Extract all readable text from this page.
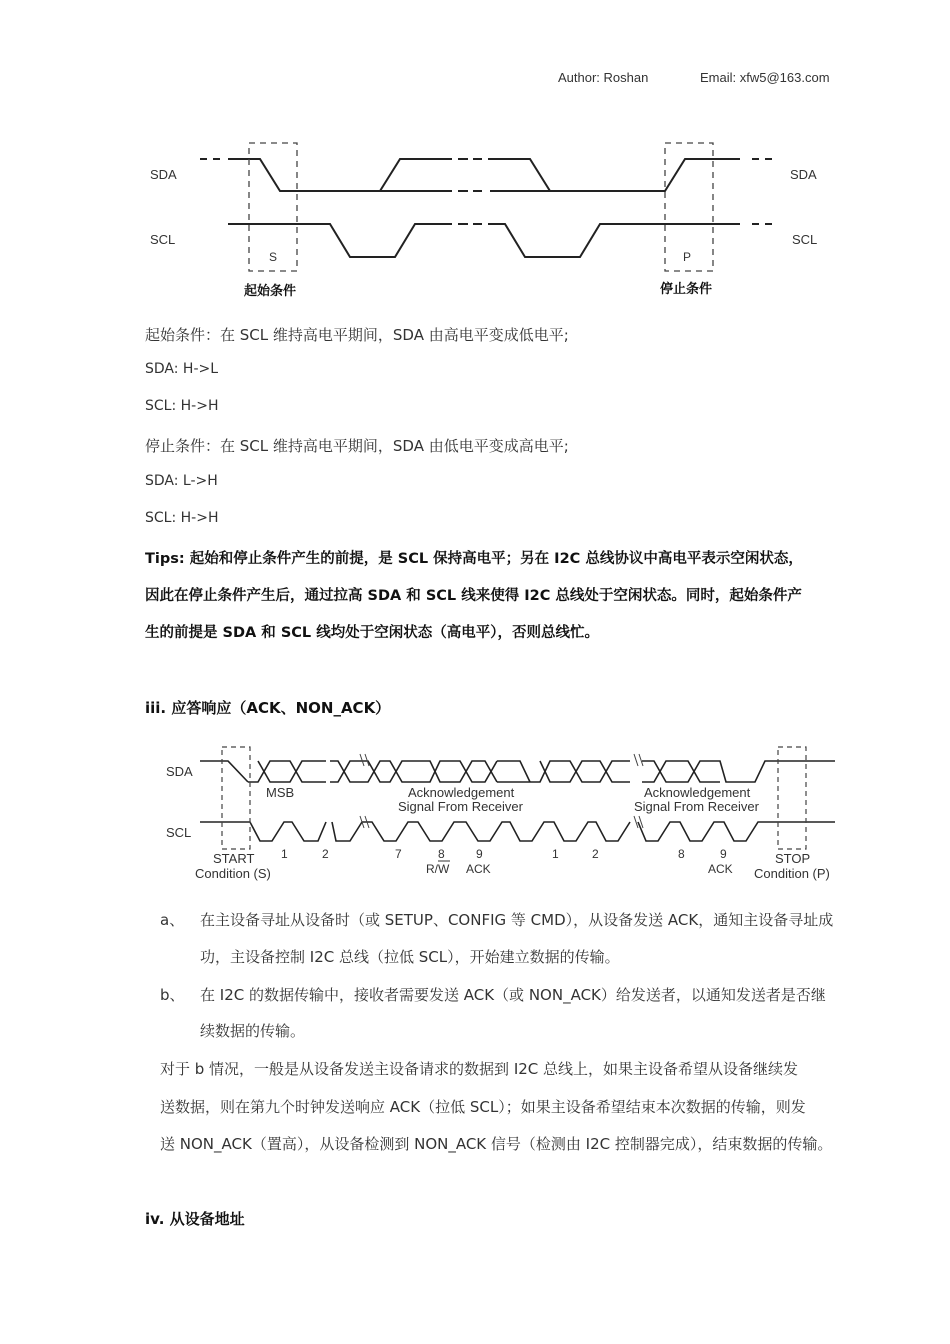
Author: Roshan	Email: xfw5@163.com
SDA	SDA
SCL	SCL
S	P
起始条件	停止条件
起始条件：在 SCL 维持高电平期间，SDA 由高电平变成低电平;
SDA: H->L
SCL: H->H
停止条件：在 SCL 维持高电平期间，SDA 由低电平变成高电平;
SDA: L->H
SCL: H->H
Tips: 起始和停止条件产生的前提，是 SCL 保持高电平；另在 I2C 总线协议中高电平表示空闲状态，
因此在停止条件产生后，通过拉高 SDA 和 SCL 线来使得 I2C 总线处于空闲状态。同时，起始条件产
生的前提是 SDA 和 SCL 线均处于空闲状态（高电平），否则总线忙。
iii. 应答响应（ACK、NON_ACK）
SDA
SCL
MSB	Acknowledgement
Signal From Receiver
Acknowledgement
Signal From Receiver
1	2	7	8	9
R/W ACK
1	2	8	9
ACK
START
Condition (S)
STOP
Condition (P)
a、 在主设备寻址从设备时（或 SETUP、CONFIG 等 CMD），从设备发送 ACK，通知主设备寻址成
功，主设备控制 I2C 总线（拉低 SCL），开始建立数据的传输。
b、 在 I2C 的数据传输中，接收者需要发送 ACK（或 NON_ACK）给发送者，以通知发送者是否继
续数据的传输。
对于 b 情况，一般是从设备发送主设备请求的数据到 I2C 总线上，如果主设备希望从设备继续发
送数据，则在第九个时钟发送响应 ACK（拉低 SCL）；如果主设备希望结束本次数据的传输，则发
送 NON_ACK（置高），从设备检测到 NON_ACK 信号（检测由 I2C 控制器完成），结束数据的传输。
iv. 从设备地址
